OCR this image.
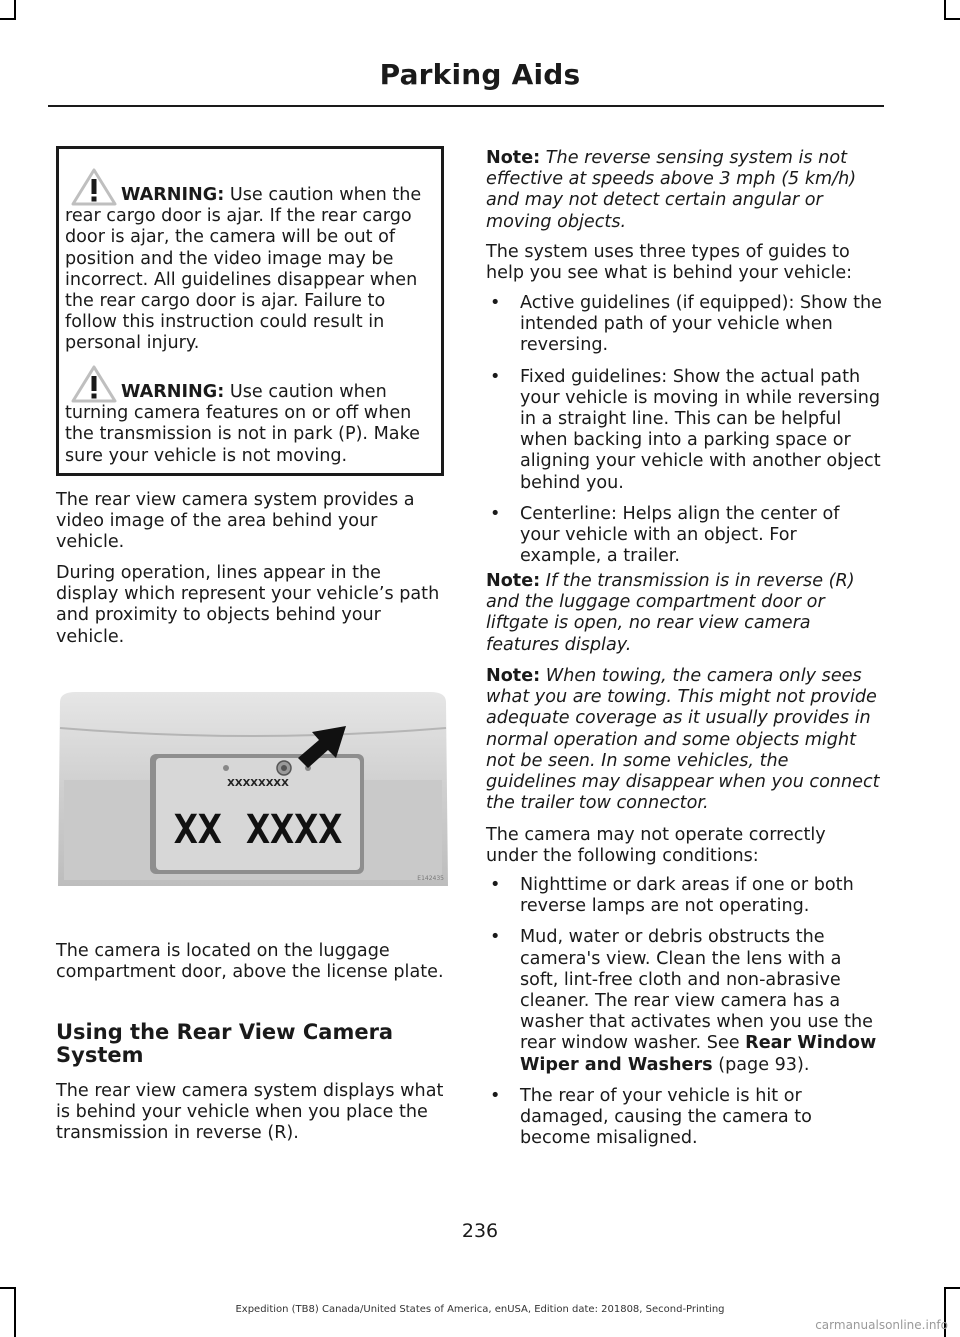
Parking Aids

WARNING: Use caution when the rear cargo door is ajar. If the rear cargo door is ajar, the camera will be out of position and the video image may be incorrect. All guidelines disappear when the rear cargo door is ajar. Failure to follow this instruction could result in personal injury.

WARNING: Use caution when turning camera features on or off when the transmission is not in park (P). Make sure your vehicle is not moving.

The rear view camera system provides a video image of the area behind your vehicle.

During operation, lines appear in the display which represent your vehicle’s path and proximity to objects behind your vehicle.

XXXXXXXX
XX XXXX
E142435

The camera is located on the luggage compartment door, above the license plate.

Using the Rear View Camera System

The rear view camera system displays what is behind your vehicle when you place the transmission in reverse (R).

Note: The reverse sensing system is not effective at speeds above 3 mph (5 km/h) and may not detect certain angular or moving objects.

The system uses three types of guides to help you see what is behind your vehicle:

• Active guidelines (if equipped): Show the intended path of your vehicle when reversing.
• Fixed guidelines: Show the actual path your vehicle is moving in while reversing in a straight line. This can be helpful when backing into a parking space or aligning your vehicle with another object behind you.
• Centerline: Helps align the center of your vehicle with an object. For example, a trailer.

Note: If the transmission is in reverse (R) and the luggage compartment door or liftgate is open, no rear view camera features display.

Note: When towing, the camera only sees what you are towing. This might not provide adequate coverage as it usually provides in normal operation and some objects might not be seen. In some vehicles, the guidelines may disappear when you connect the trailer tow connector.

The camera may not operate correctly under the following conditions:

• Nighttime or dark areas if one or both reverse lamps are not operating.
• Mud, water or debris obstructs the camera's view. Clean the lens with a soft, lint-free cloth and non-abrasive cleaner. The rear view camera has a washer that activates when you use the rear window washer. See Rear Window Wiper and Washers (page 93).
• The rear of your vehicle is hit or damaged, causing the camera to become misaligned.
236
Expedition (TB8) Canada/United States of America, enUSA, Edition date: 201808, Second-Printing
carmanualsonline.info
